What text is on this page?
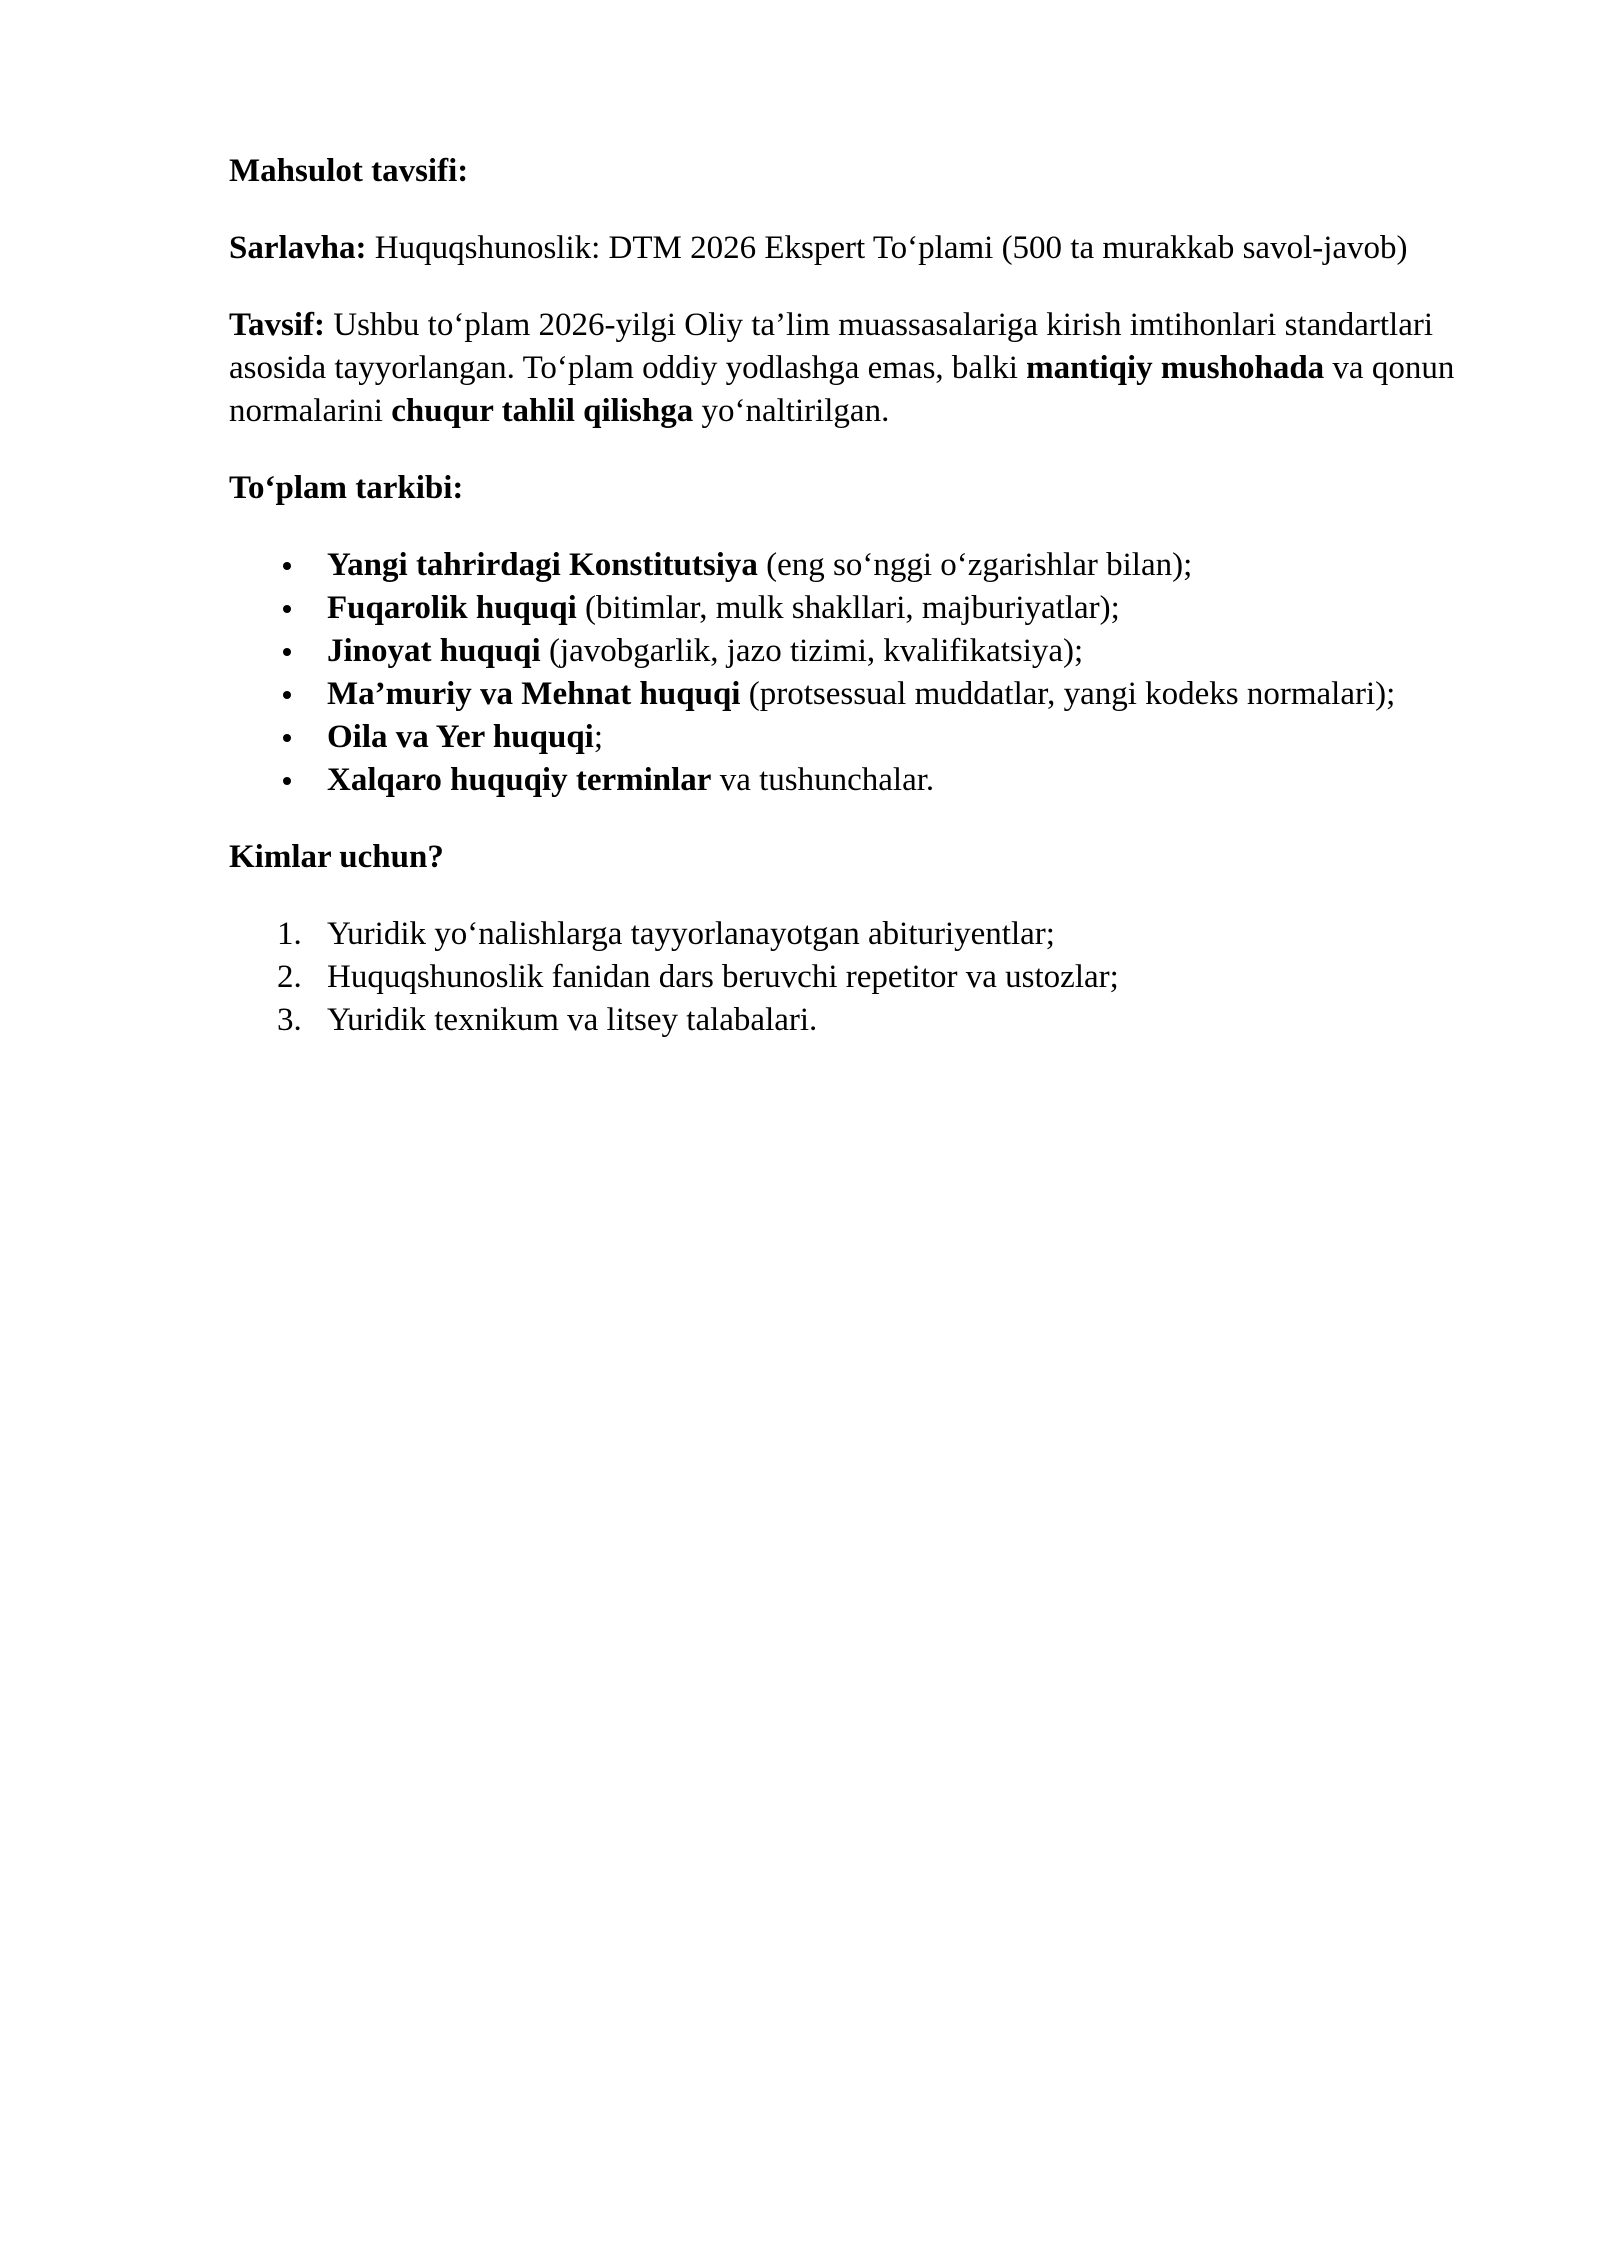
Mahsulot tavsifi:

Sarlavha: Huquqshunoslik: DTM 2026 Ekspert To‘plami (500 ta murakkab savol-javob)

Tavsif: Ushbu to‘plam 2026-yilgi Oliy ta’lim muassasalariga kirish imtihonlari standartlari asosida tayyorlangan. To‘plam oddiy yodlashga emas, balki mantiqiy mushohada va qonun normalarini chuqur tahlil qilishga yo‘naltirilgan.

To‘plam tarkibi:

Yangi tahrirdagi Konstitutsiya (eng so‘nggi o‘zgarishlar bilan);
Fuqarolik huquqi (bitimlar, mulk shakllari, majburiyatlar);
Jinoyat huquqi (javobgarlik, jazo tizimi, kvalifikatsiya);
Ma’muriy va Mehnat huquqi (protsessual muddatlar, yangi kodeks normalari);
Oila va Yer huquqi;
Xalqaro huquqiy terminlar va tushunchalar.

Kimlar uchun?

1. Yuridik yo‘nalishlarga tayyorlanayotgan abituriyentlar;
2. Huquqshunoslik fanidan dars beruvchi repetitor va ustozlar;
3. Yuridik texnikum va litsey talabalari.
